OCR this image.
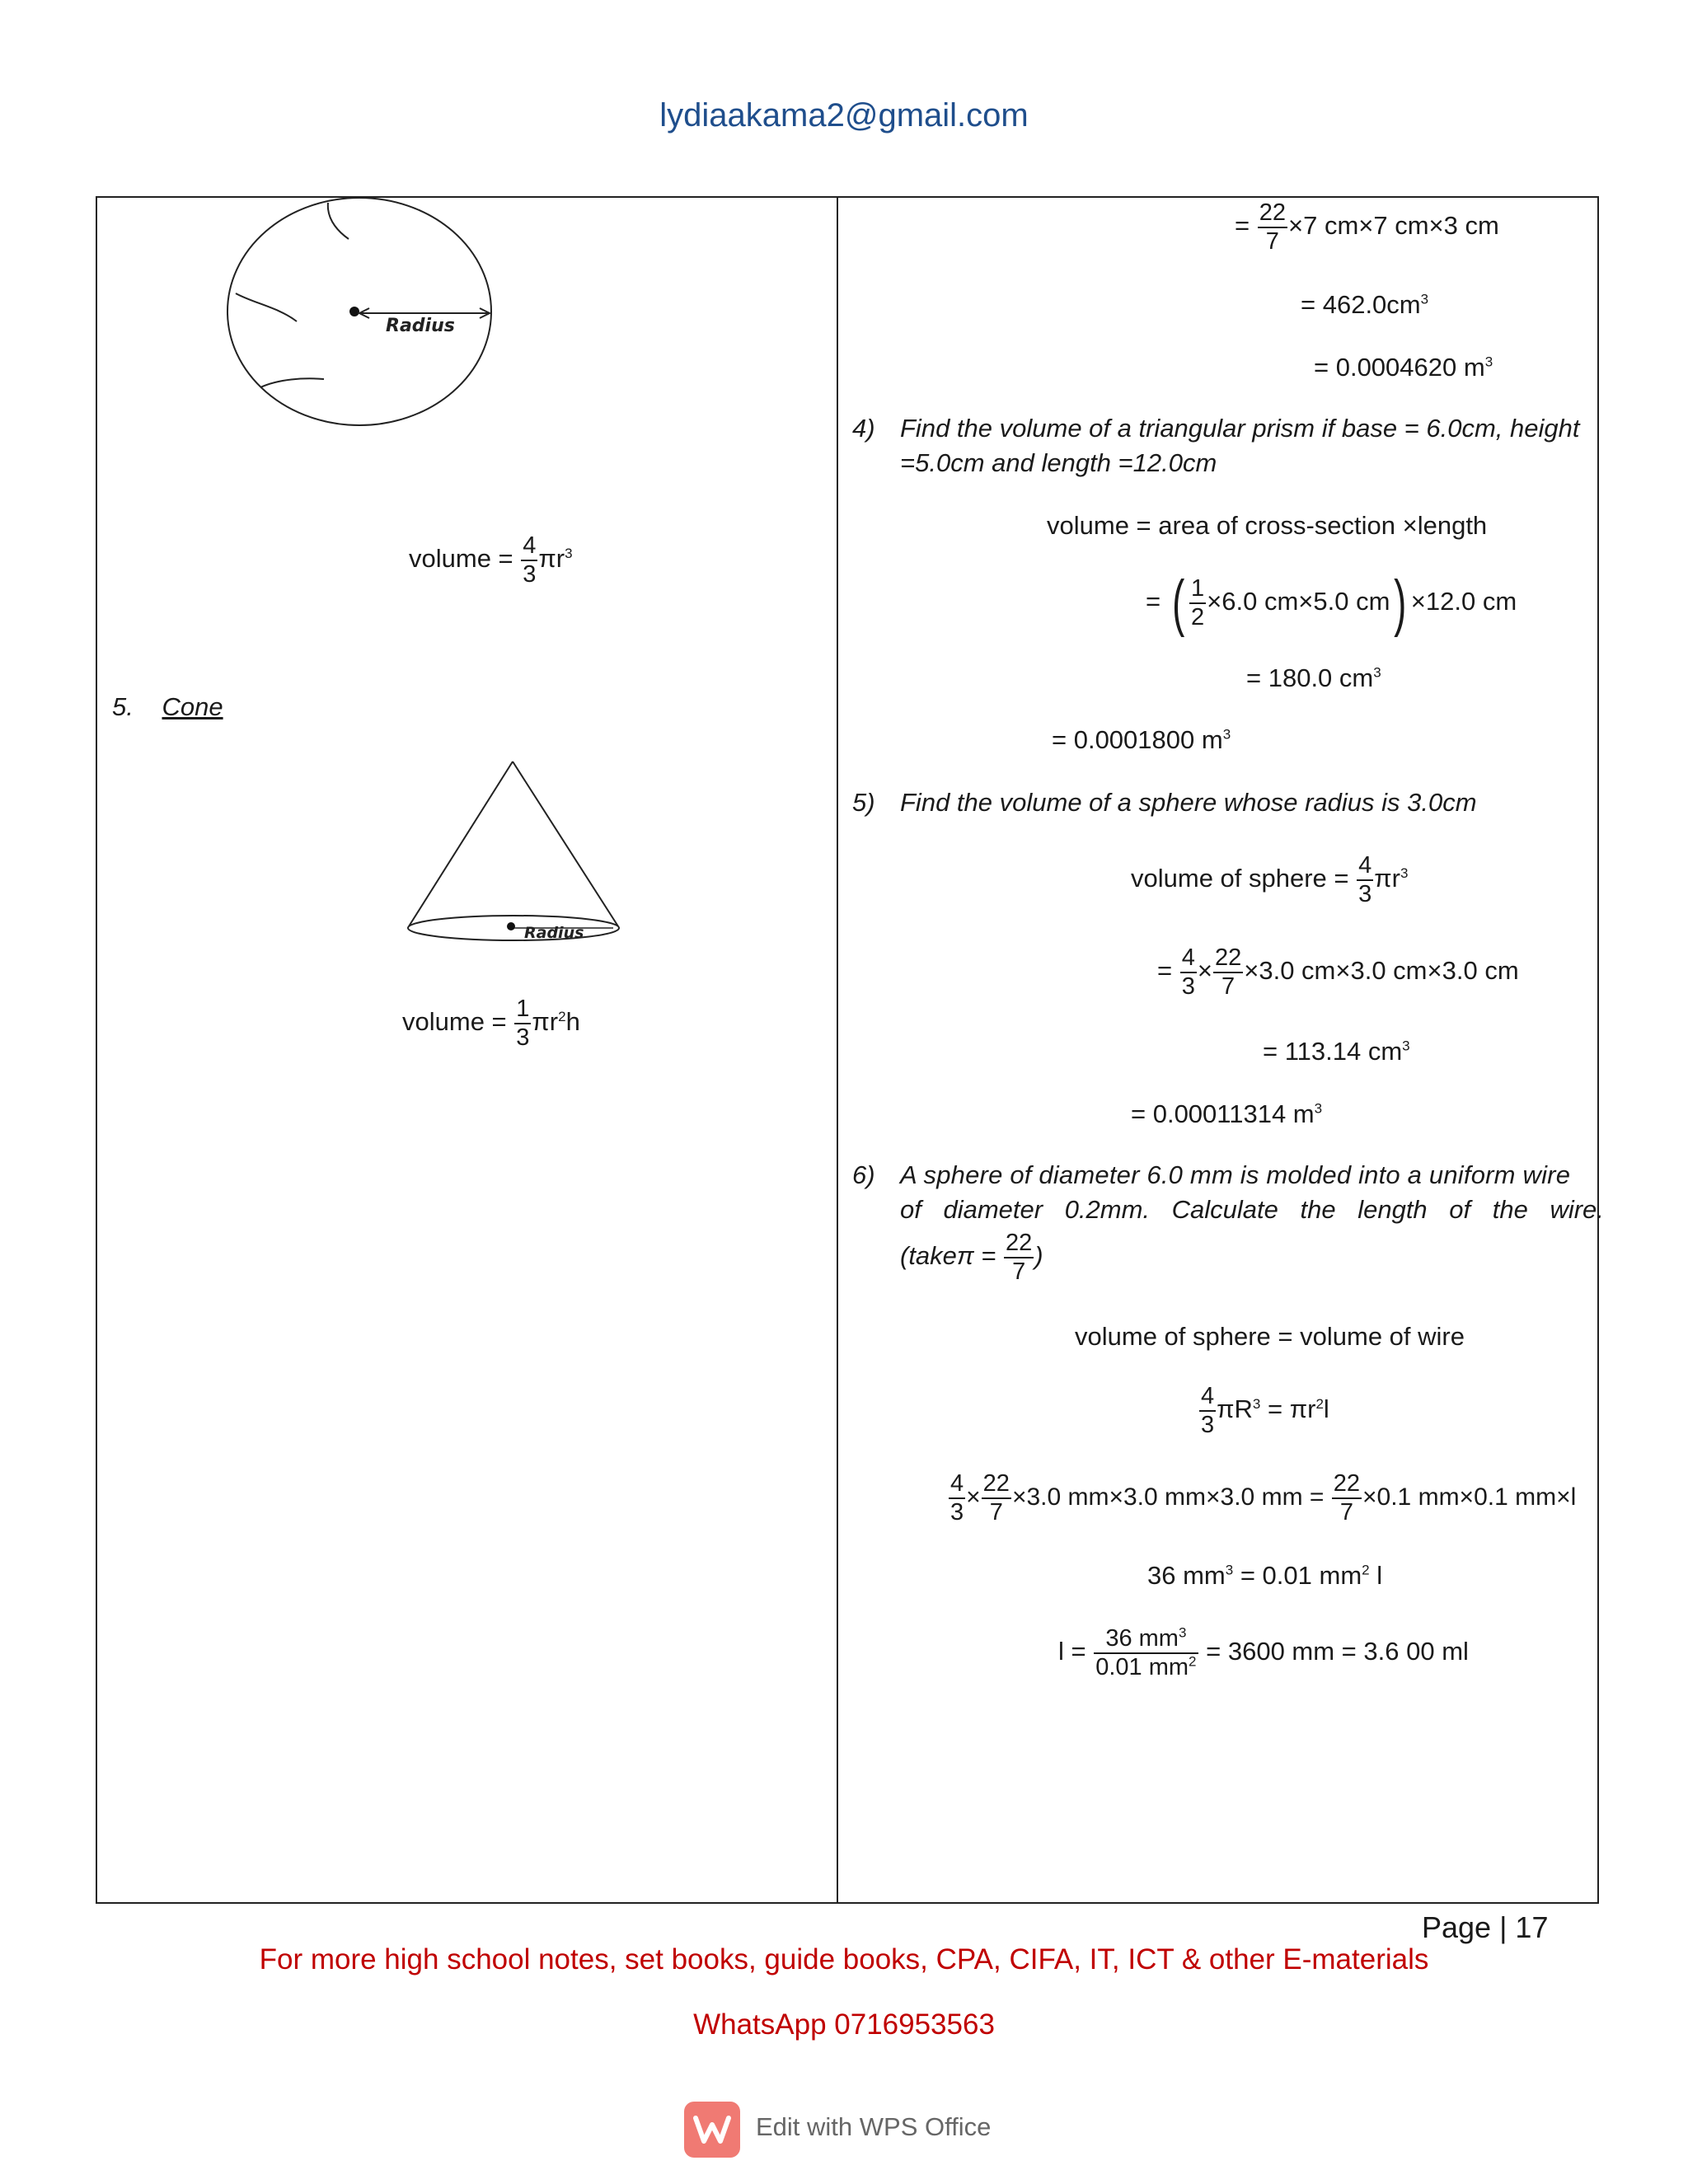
lydiaakama2@gmail.com
Radius
volume = $\frac{4}{3} \pi r^3$
5. Cone
Radius
volume = $\frac{1}{3} \pi r^2h$
= $\frac{22}{7} \times 7$ cm×7 cm×3 cm
= $462.0cm^3$
= 0.0004620 $m^3$
4) Find the volume of a triangular prism if base = 6.0cm, height
=5.0cm and length =12.0cm
volume = area of cross-section ×length
= ( $\frac{1}{2} \times 6.0$ cm×5.0 cm) ×12.0 cm
= 180.0 $cm^3$
= 0.0001800 $m^3$
5) Find the volume of a sphere whose radius is 3.0cm
volume of sphere = $\frac{4}{3} \pi r^3$
= $\frac{4}{3} \times \frac{22}{7} \times 3.0$ cm×3.0 cm×3.0 cm
= 113.14 $cm^3$
= 0.00011314 $m^3$
6) A sphere of diameter 6.0 mm is molded into a uniform wire
of diameter 0.2mm. Calculate the length of the wire.
(takeπ = $\frac{22}{7}$ )
volume of sphere = volume of wire
$\frac{4}{3} \pi R^3 = \pi r^2l$
$\frac{4}{3} \times \frac{22}{7} \times 3.0$ mm×3.0 mm×3.0 mm = $\frac{22}{7} \times 0.1$ mm×0.1 mm×l
36 $mm^3 = 0.01$ $mm^2$ l
$l = \frac{36 mm^3}{0.01 mm^2} = 3600$ mm = 3.6 00 ml
Page | 17
For more high school notes, set books, guide books, CPA, CIFA, IT, ICT & other E-materials
WhatsApp 0716953563
Edit with WPS Office
